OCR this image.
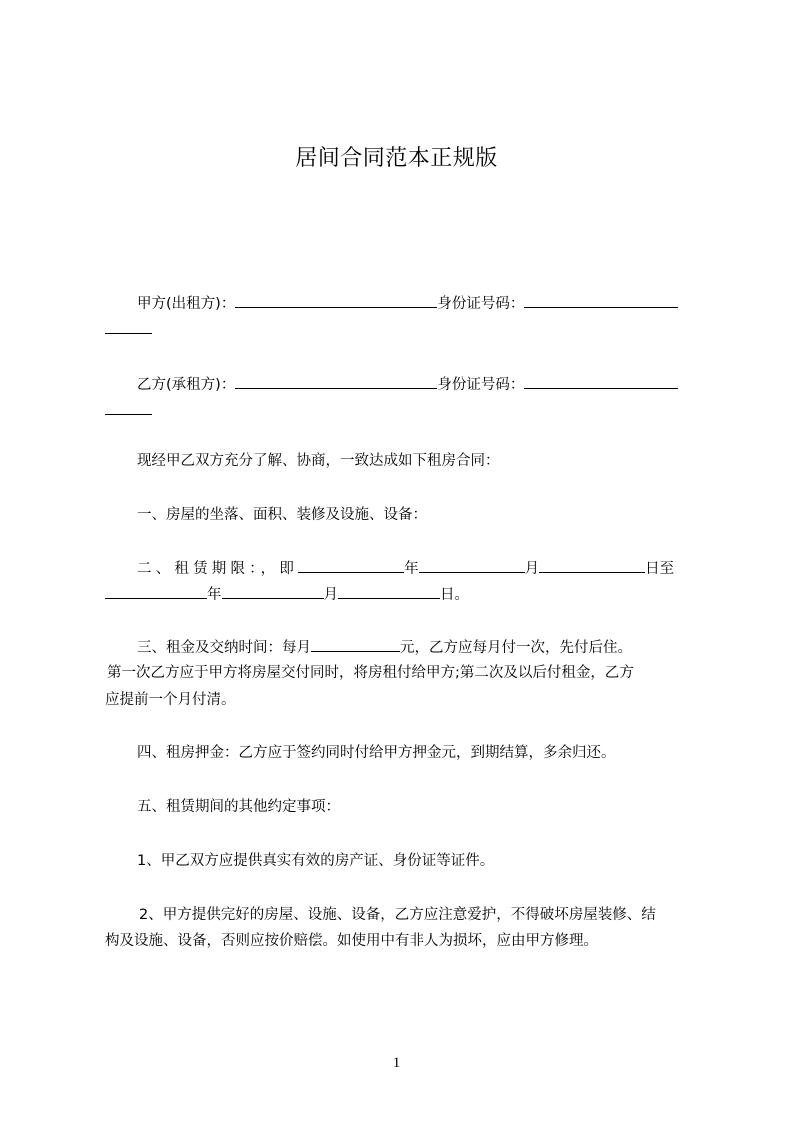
居间合同范本正规版
甲方(出租方)：	身份证号码：
乙方(承租方)：	身份证号码：
现经甲乙双方充分了解、协商，一致达成如下租房合同：
一、房屋的坐落、面积、装修及设施、设备：
二、租赁期限：，即	年	月	日至
年	月	日。
三、租金及交纳时间：每月	元，乙方应每月付一次，先付后住。
第一次乙方应于甲方将房屋交付同时，将房租付给甲方;第二次及以后付租金，乙方
应提前一个月付清。
四、租房押金：乙方应于签约同时付给甲方押金元，到期结算，多余归还。
五、租赁期间的其他约定事项：
1、甲乙双方应提供真实有效的房产证、身份证等证件。
2、甲方提供完好的房屋、设施、设备，乙方应注意爱护，不得破坏房屋装修、结
构及设施、设备，否则应按价赔偿。如使用中有非人为损坏，应由甲方修理。
1
